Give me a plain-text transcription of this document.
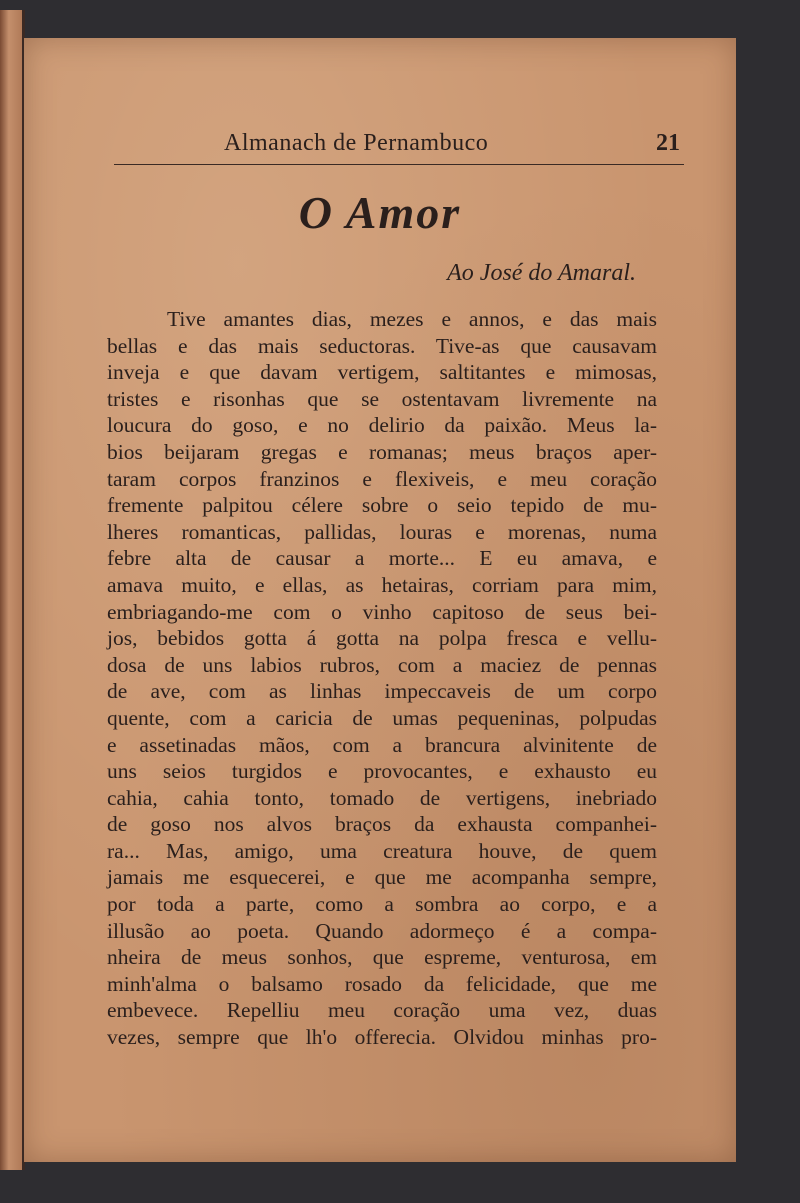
Almanach de Pernambuco	21
O Amor
Ao José do Amaral.
Tive amantes dias, mezes e annos, e das mais
bellas e das mais seductoras. Tive-as que causavam
inveja e que davam vertigem, saltitantes e mimosas,
tristes e risonhas que se ostentavam livremente na
loucura do goso, e no delirio da paixão. Meus la-
bios beijaram gregas e romanas; meus braços aper-
taram corpos franzinos e flexiveis, e meu coração
fremente palpitou célere sobre o seio tepido de mu-
lheres romanticas, pallidas, louras e morenas, numa
febre alta de causar a morte... E eu amava, e
amava muito, e ellas, as hetairas, corriam para mim,
embriagando-me com o vinho capitoso de seus bei-
jos, bebidos gotta á gotta na polpa fresca e vellu-
dosa de uns labios rubros, com a maciez de pennas
de ave, com as linhas impeccaveis de um corpo
quente, com a caricia de umas pequeninas, polpudas
e assetinadas mãos, com a brancura alvinitente de
uns seios turgidos e provocantes, e exhausto eu
cahia, cahia tonto, tomado de vertigens, inebriado
de goso nos alvos braços da exhausta companhei-
ra... Mas, amigo, uma creatura houve, de quem
jamais me esquecerei, e que me acompanha sempre,
por toda a parte, como a sombra ao corpo, e a
illusão ao poeta. Quando adormeço é a compa-
nheira de meus sonhos, que espreme, venturosa, em
minh'alma o balsamo rosado da felicidade, que me
embevece. Repelliu meu coração uma vez, duas
vezes, sempre que lh'o offerecia. Olvidou minhas pro-
